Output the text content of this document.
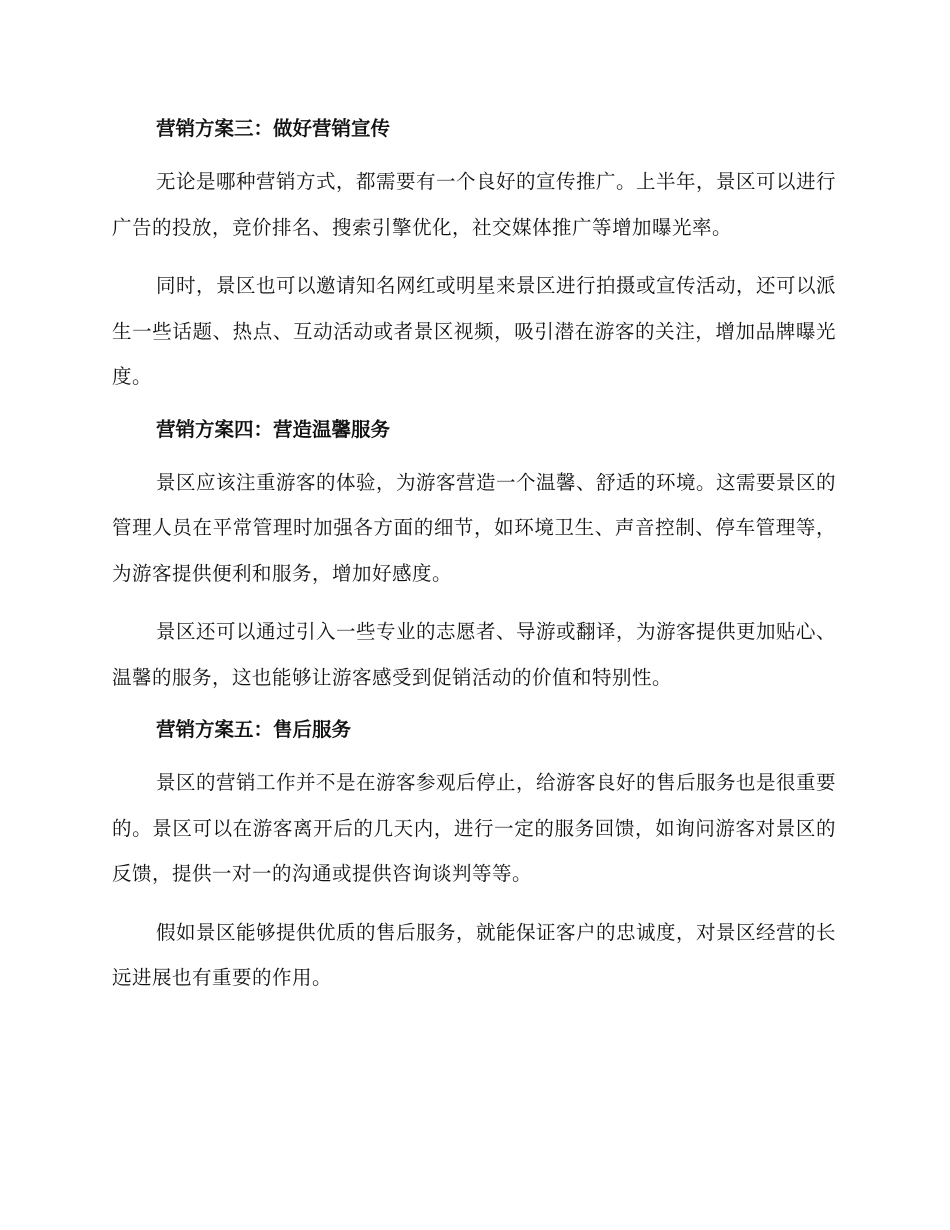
营销方案三：做好营销宣传

无论是哪种营销方式，都需要有一个良好的宣传推广。上半年，景区可以进行广告的投放，竞价排名、搜索引擎优化，社交媒体推广等增加曝光率。

同时，景区也可以邀请知名网红或明星来景区进行拍摄或宣传活动，还可以派生一些话题、热点、互动活动或者景区视频，吸引潜在游客的关注，增加品牌曝光度。

营销方案四：营造温馨服务

景区应该注重游客的体验，为游客营造一个温馨、舒适的环境。这需要景区的管理人员在平常管理时加强各方面的细节，如环境卫生、声音控制、停车管理等，为游客提供便利和服务，增加好感度。

景区还可以通过引入一些专业的志愿者、导游或翻译，为游客提供更加贴心、温馨的服务，这也能够让游客感受到促销活动的价值和特别性。

营销方案五：售后服务

景区的营销工作并不是在游客参观后停止，给游客良好的售后服务也是很重要的。景区可以在游客离开后的几天内，进行一定的服务回馈，如询问游客对景区的反馈，提供一对一的沟通或提供咨询谈判等等。

假如景区能够提供优质的售后服务，就能保证客户的忠诚度，对景区经营的长远进展也有重要的作用。
